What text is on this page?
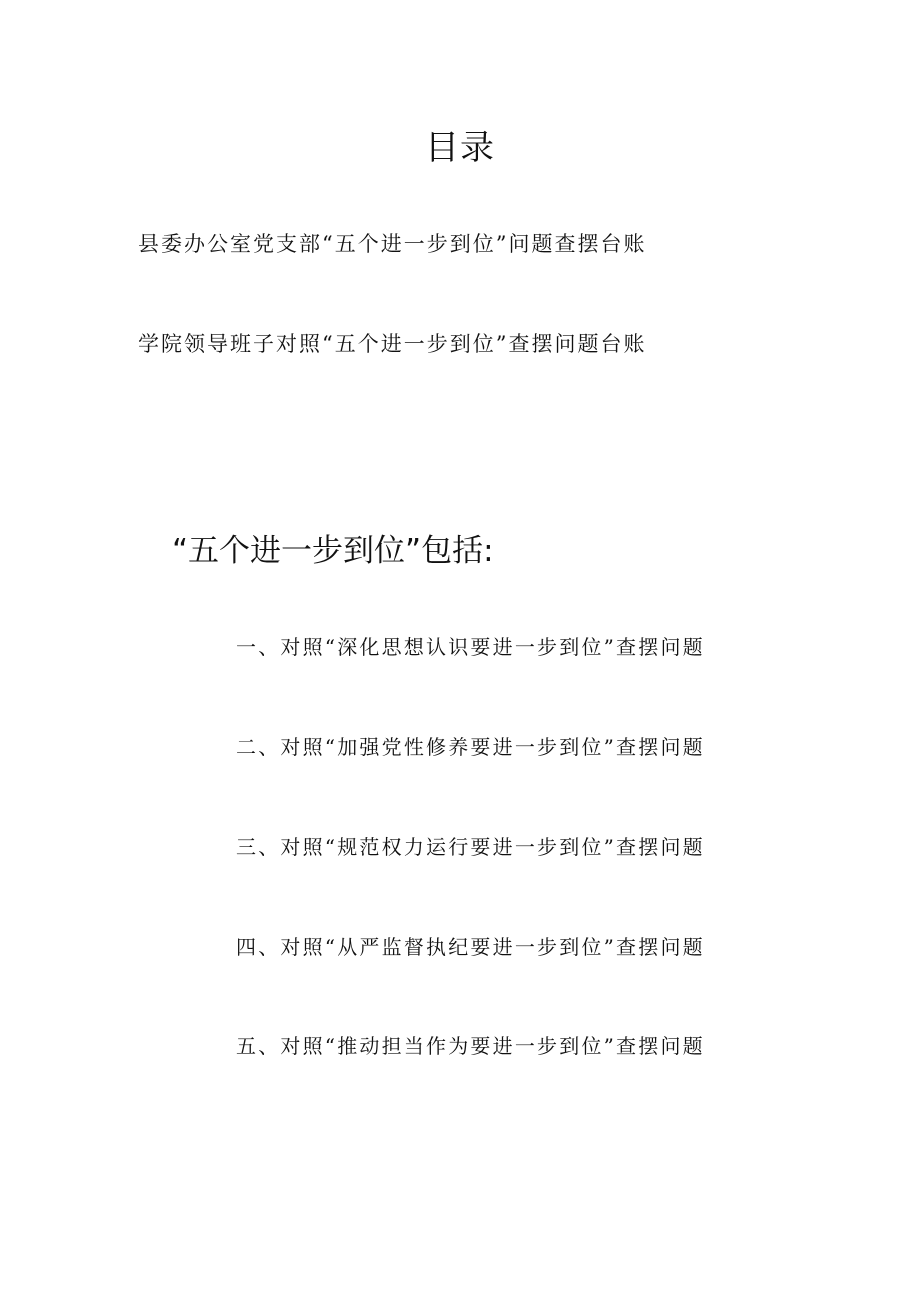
目录
县委办公室党支部“五个进一步到位”问题查摆台账
学院领导班子对照“五个进一步到位”查摆问题台账
“五个进一步到位”包括:
一、对照“深化思想认识要进一步到位”查摆问题
二、对照“加强党性修养要进一步到位”查摆问题
三、对照“规范权力运行要进一步到位”查摆问题
四、对照“从严监督执纪要进一步到位”查摆问题
五、对照“推动担当作为要进一步到位”查摆问题
